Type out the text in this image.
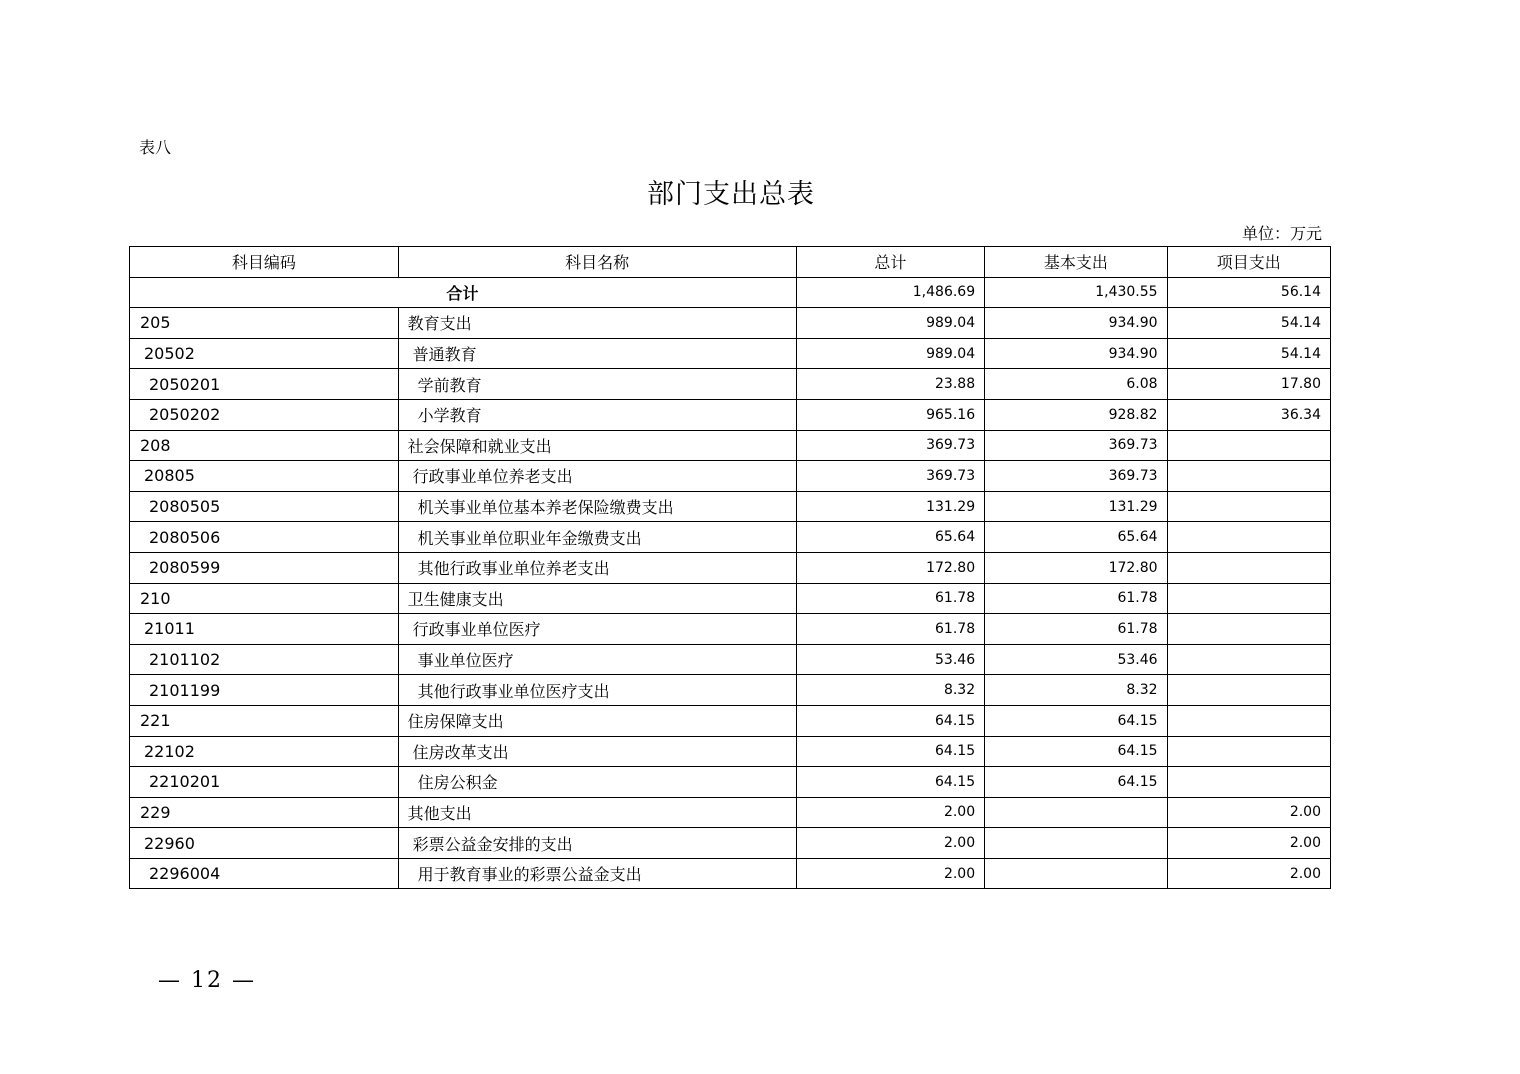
表八
部门支出总表
单位：万元
科目编码	科目名称	总计	基本支出	项目支出
合计		1,486.69	1,430.55	56.14
205	教育支出	989.04	934.90	54.14
20502	普通教育	989.04	934.90	54.14
2050201	学前教育	23.88	6.08	17.80
2050202	小学教育	965.16	928.82	36.34
208	社会保障和就业支出	369.73	369.73	
20805	行政事业单位养老支出	369.73	369.73	
2080505	机关事业单位基本养老保险缴费支出	131.29	131.29	
2080506	机关事业单位职业年金缴费支出	65.64	65.64	
2080599	其他行政事业单位养老支出	172.80	172.80	
210	卫生健康支出	61.78	61.78	
21011	行政事业单位医疗	61.78	61.78	
2101102	事业单位医疗	53.46	53.46	
2101199	其他行政事业单位医疗支出	8.32	8.32	
221	住房保障支出	64.15	64.15	
22102	住房改革支出	64.15	64.15	
2210201	住房公积金	64.15	64.15	
229	其他支出	2.00		2.00
22960	彩票公益金安排的支出	2.00		2.00
2296004	用于教育事业的彩票公益金支出	2.00		2.00
— 12 —
